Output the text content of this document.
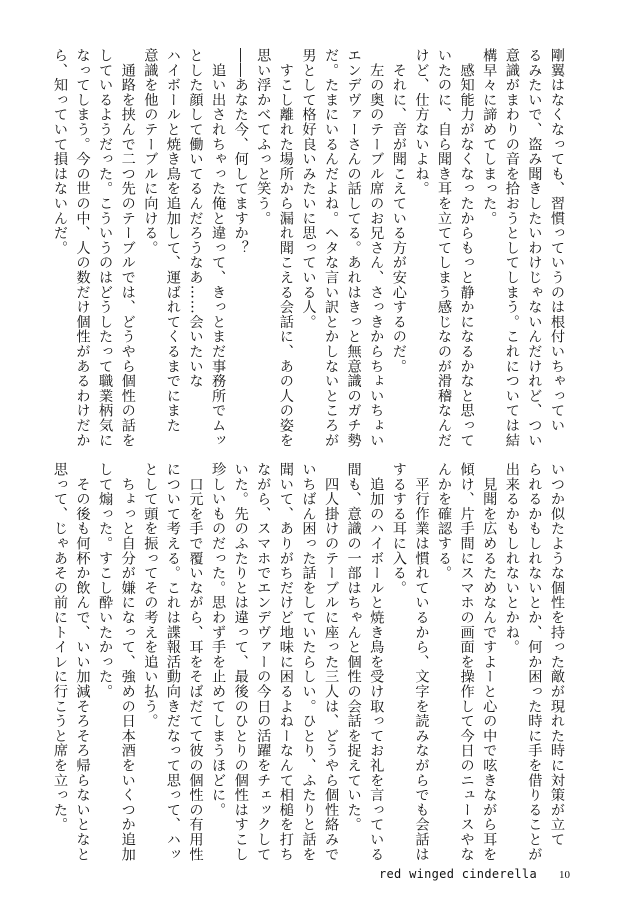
剛翼はなくなっても、習慣っていうのは根付いちゃってい
るみたいで、盗み聞きしたいわけじゃないんだけれど、つい
意識がまわりの音を拾おうとしてしまう。これについては結
構早々に諦めてしまった。
　感知能力がなくなったからもっと静かになるかなと思って
いたのに、自ら聞き耳を立ててしまう感じなのが滑稽なんだ
けど、仕方ないよね。
　それに、音が聞こえている方が安心するのだ。
　左の奥のテーブル席のお兄さん、さっきからちょいちょい
エンデヴァーさんの話してる。あれはきっと無意識のガチ勢
だ。たまにいるんだよね。ヘタな言い訳とかしないところが
男として格好良いみたいに思っている人。
　すこし離れた場所から漏れ聞こえる会話に、あの人の姿を
思い浮かべてふっと笑う。
――あなた今、何してますか？
　追い出されちゃった俺と違って、きっとまだ事務所でムッ
とした顔して働いてるんだろうなあ……会いたいな
ハイボールと焼き鳥を追加して、運ばれてくるまでにまた
意識を他のテーブルに向ける。
　通路を挟んで二つ先のテーブルでは、どうやら個性の話を
しているようだった。こういうのはどうしたって職業柄気に
なってしまう。今の世の中、人の数だけ個性があるわけだか
ら、知っていて損はないんだ。
いつか似たような個性を持った敵が現れた時に対策が立て
られるかもしれないとか、何か困った時に手を借りることが
出来るかもしれないとかね。
　見聞を広めるためなんですよーと心の中で呟きながら耳を
傾け、片手間にスマホの画面を操作して今日のニュースやな
んかを確認する。
　平行作業は慣れているから、文字を読みながらでも会話は
するする耳に入る。
　追加のハイボールと焼き鳥を受け取ってお礼を言っている
間も、意識の一部はちゃんと個性の会話を捉えていた。
　四人掛けのテーブルに座った三人は、どうやら個性絡みで
いちばん困った話をしていたらしい。ひとり、ふたりと話を
聞いて、ありがちだけど地味に困るよねーなんて相槌を打ち
ながら、スマホでエンデヴァーの今日の活躍をチェックして
いた。先のふたりとは違って、最後のひとりの個性はすこし
珍しいものだった。思わず手を止めてしまうほどに。
　口元を手で覆いながら、耳をそばだてて彼の個性の有用性
について考える。これは諜報活動向きだなって思って、ハッ
として頭を振ってその考えを追い払う。
　ちょっと自分が嫌になって、強めの日本酒をいくつか追加
して煽った。すこし酔いたかった。
　その後も何杯か飲んで、いい加減そろそろ帰らないとなと
思って、じゃあその前にトイレに行こうと席を立った。
red winged cinderella 10
